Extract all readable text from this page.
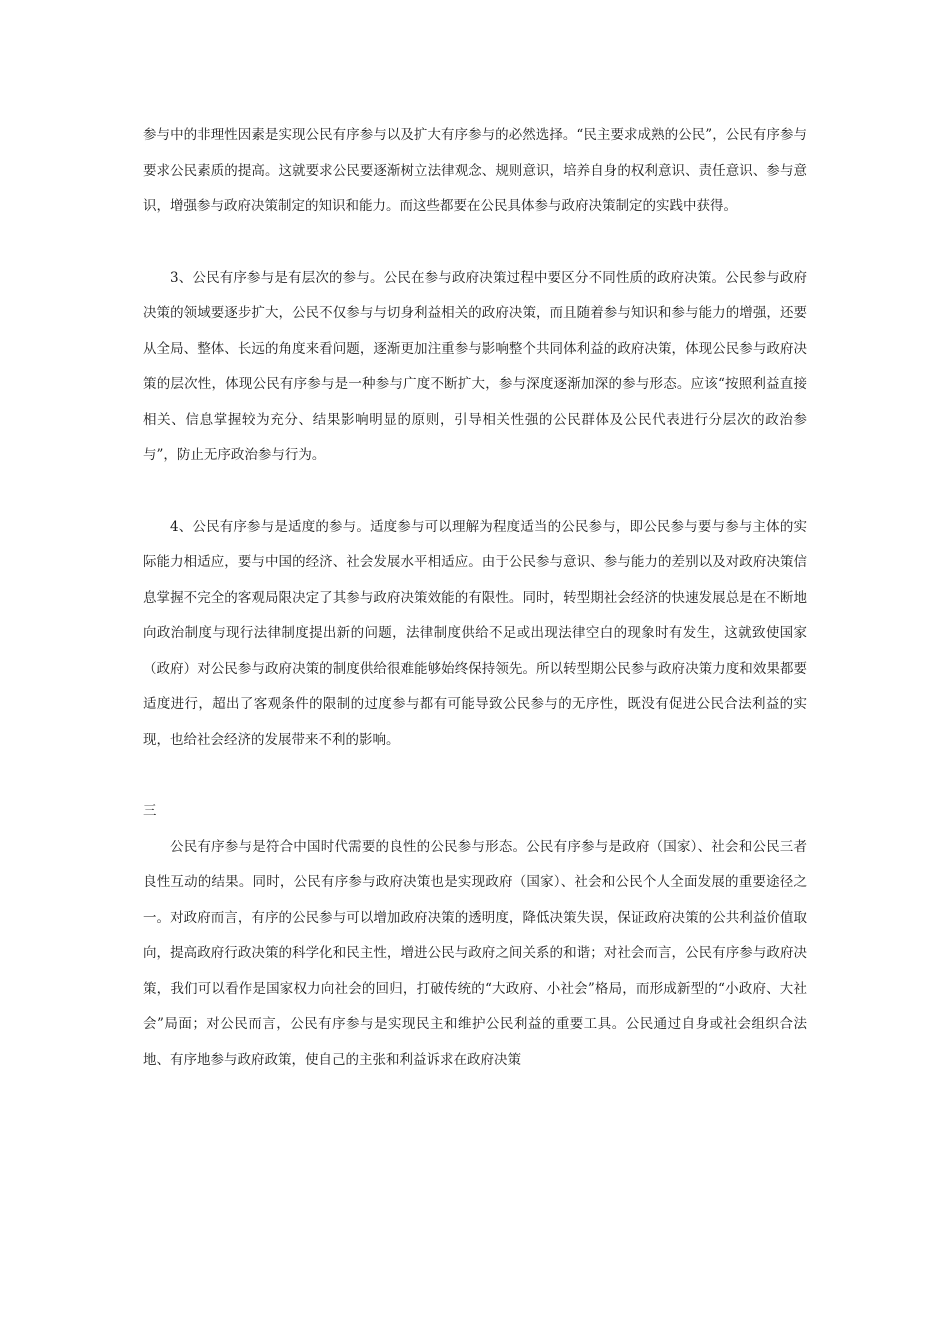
参与中的非理性因素是实现公民有序参与以及扩大有序参与的必然选择。“民主要求成熟的公民”，公民有序参与要求公民素质的提高。这就要求公民要逐渐树立法律观念、规则意识，培养自身的权利意识、责任意识、参与意识，增强参与政府决策制定的知识和能力。而这些都要在公民具体参与政府决策制定的实践中获得。

3、公民有序参与是有层次的参与。公民在参与政府决策过程中要区分不同性质的政府决策。公民参与政府决策的领域要逐步扩大，公民不仅参与与切身利益相关的政府决策，而且随着参与知识和参与能力的增强，还要从全局、整体、长远的角度来看问题，逐渐更加注重参与影响整个共同体利益的政府决策，体现公民参与政府决策的层次性，体现公民有序参与是一种参与广度不断扩大，参与深度逐渐加深的参与形态。应该“按照利益直接相关、信息掌握较为充分、结果影响明显的原则，引导相关性强的公民群体及公民代表进行分层次的政治参与”，防止无序政治参与行为。

4、公民有序参与是适度的参与。适度参与可以理解为程度适当的公民参与，即公民参与要与参与主体的实际能力相适应，要与中国的经济、社会发展水平相适应。由于公民参与意识、参与能力的差别以及对政府决策信息掌握不完全的客观局限决定了其参与政府决策效能的有限性。同时，转型期社会经济的快速发展总是在不断地向政治制度与现行法律制度提出新的问题，法律制度供给不足或出现法律空白的现象时有发生，这就致使国家（政府）对公民参与政府决策的制度供给很难能够始终保持领先。所以转型期公民参与政府决策力度和效果都要适度进行，超出了客观条件的限制的过度参与都有可能导致公民参与的无序性，既没有促进公民合法利益的实现，也给社会经济的发展带来不利的影响。

三

公民有序参与是符合中国时代需要的良性的公民参与形态。公民有序参与是政府（国家）、社会和公民三者良性互动的结果。同时，公民有序参与政府决策也是实现政府（国家）、社会和公民个人全面发展的重要途径之一。对政府而言，有序的公民参与可以增加政府决策的透明度，降低决策失误，保证政府决策的公共利益价值取向，提高政府行政决策的科学化和民主性，增进公民与政府之间关系的和谐；对社会而言，公民有序参与政府决策，我们可以看作是国家权力向社会的回归，打破传统的“大政府、小社会”格局，而形成新型的“小政府、大社会”局面；对公民而言，公民有序参与是实现民主和维护公民利益的重要工具。公民通过自身或社会组织合法地、有序地参与政府政策，使自己的主张和利益诉求在政府决策
